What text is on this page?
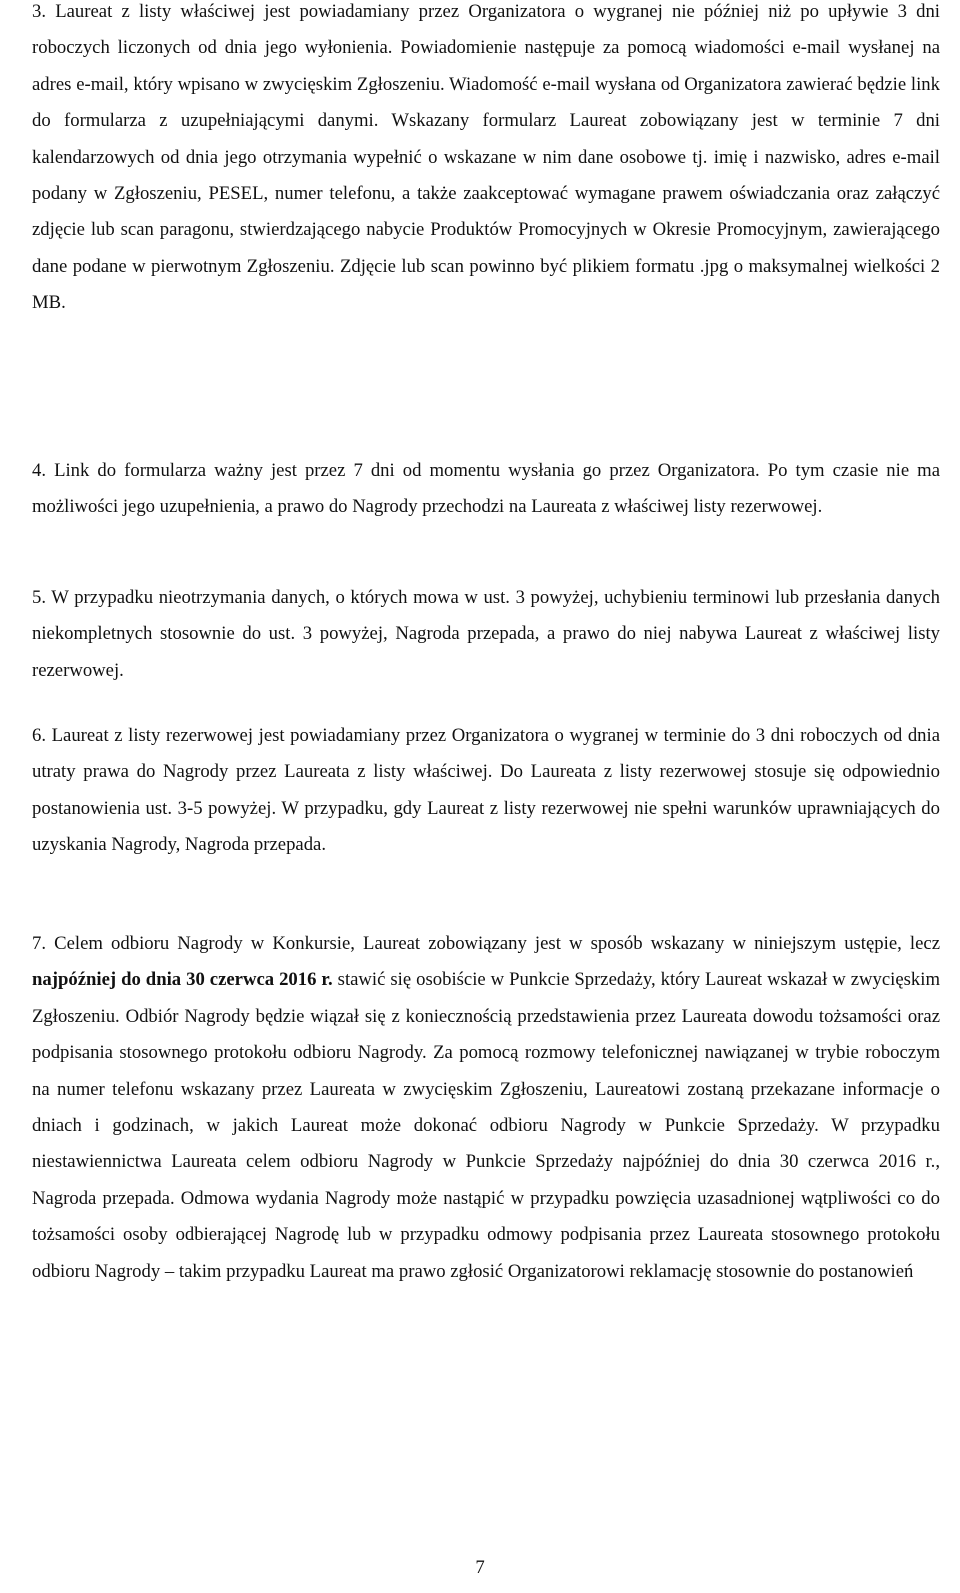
3. Laureat z listy właściwej jest powiadamiany przez Organizatora o wygranej nie później niż po upływie 3 dni roboczych liczonych od dnia jego wyłonienia. Powiadomienie następuje za pomocą wiadomości e-mail wysłanej na adres e-mail, który wpisano w zwycięskim Zgłoszeniu. Wiadomość e-mail wysłana od Organizatora zawierać będzie link do formularza z uzupełniającymi danymi. Wskazany formularz Laureat zobowiązany jest w terminie 7 dni kalendarzowych od dnia jego otrzymania wypełnić o wskazane w nim dane osobowe tj. imię i nazwisko, adres e-mail podany w Zgłoszeniu, PESEL, numer telefonu, a także zaakceptować wymagane prawem oświadczania oraz załączyć zdjęcie lub scan paragonu, stwierdzającego nabycie Produktów Promocyjnych w Okresie Promocyjnym, zawierającego dane podane w pierwotnym Zgłoszeniu. Zdjęcie lub scan powinno być plikiem formatu .jpg o maksymalnej wielkości 2 MB.

4. Link do formularza ważny jest przez 7 dni od momentu wysłania go przez Organizatora. Po tym czasie nie ma możliwości jego uzupełnienia, a prawo do Nagrody przechodzi na Laureata z właściwej listy rezerwowej.

5. W przypadku nieotrzymania danych, o których mowa w ust. 3 powyżej, uchybieniu terminowi lub przesłania danych niekompletnych stosownie do ust. 3 powyżej, Nagroda przepada, a prawo do niej nabywa Laureat z właściwej listy rezerwowej.

6. Laureat z listy rezerwowej jest powiadamiany przez Organizatora o wygranej w terminie do 3 dni roboczych od dnia utraty prawa do Nagrody przez Laureata z listy właściwej. Do Laureata z listy rezerwowej stosuje się odpowiednio postanowienia ust. 3-5 powyżej. W przypadku, gdy Laureat z listy rezerwowej nie spełni warunków uprawniających do uzyskania Nagrody, Nagroda przepada.

7. Celem odbioru Nagrody w Konkursie, Laureat zobowiązany jest w sposób wskazany w niniejszym ustępie, lecz najpóźniej do dnia 30 czerwca 2016 r. stawić się osobiście w Punkcie Sprzedaży, który Laureat wskazał w zwycięskim Zgłoszeniu. Odbiór Nagrody będzie wiązał się z koniecznością przedstawienia przez Laureata dowodu tożsamości oraz podpisania stosownego protokołu odbioru Nagrody. Za pomocą rozmowy telefonicznej nawiązanej w trybie roboczym na numer telefonu wskazany przez Laureata w zwycięskim Zgłoszeniu, Laureatowi zostaną przekazane informacje o dniach i godzinach, w jakich Laureat może dokonać odbioru Nagrody w Punkcie Sprzedaży. W przypadku niestawiennictwa Laureata celem odbioru Nagrody w Punkcie Sprzedaży najpóźniej do dnia 30 czerwca 2016 r., Nagroda przepada. Odmowa wydania Nagrody może nastąpić w przypadku powzięcia uzasadnionej wątpliwości co do tożsamości osoby odbierającej Nagrodę lub w przypadku odmowy podpisania przez Laureata stosownego protokołu odbioru Nagrody – takim przypadku Laureat ma prawo zgłosić Organizatorowi reklamację stosownie do postanowień

7
